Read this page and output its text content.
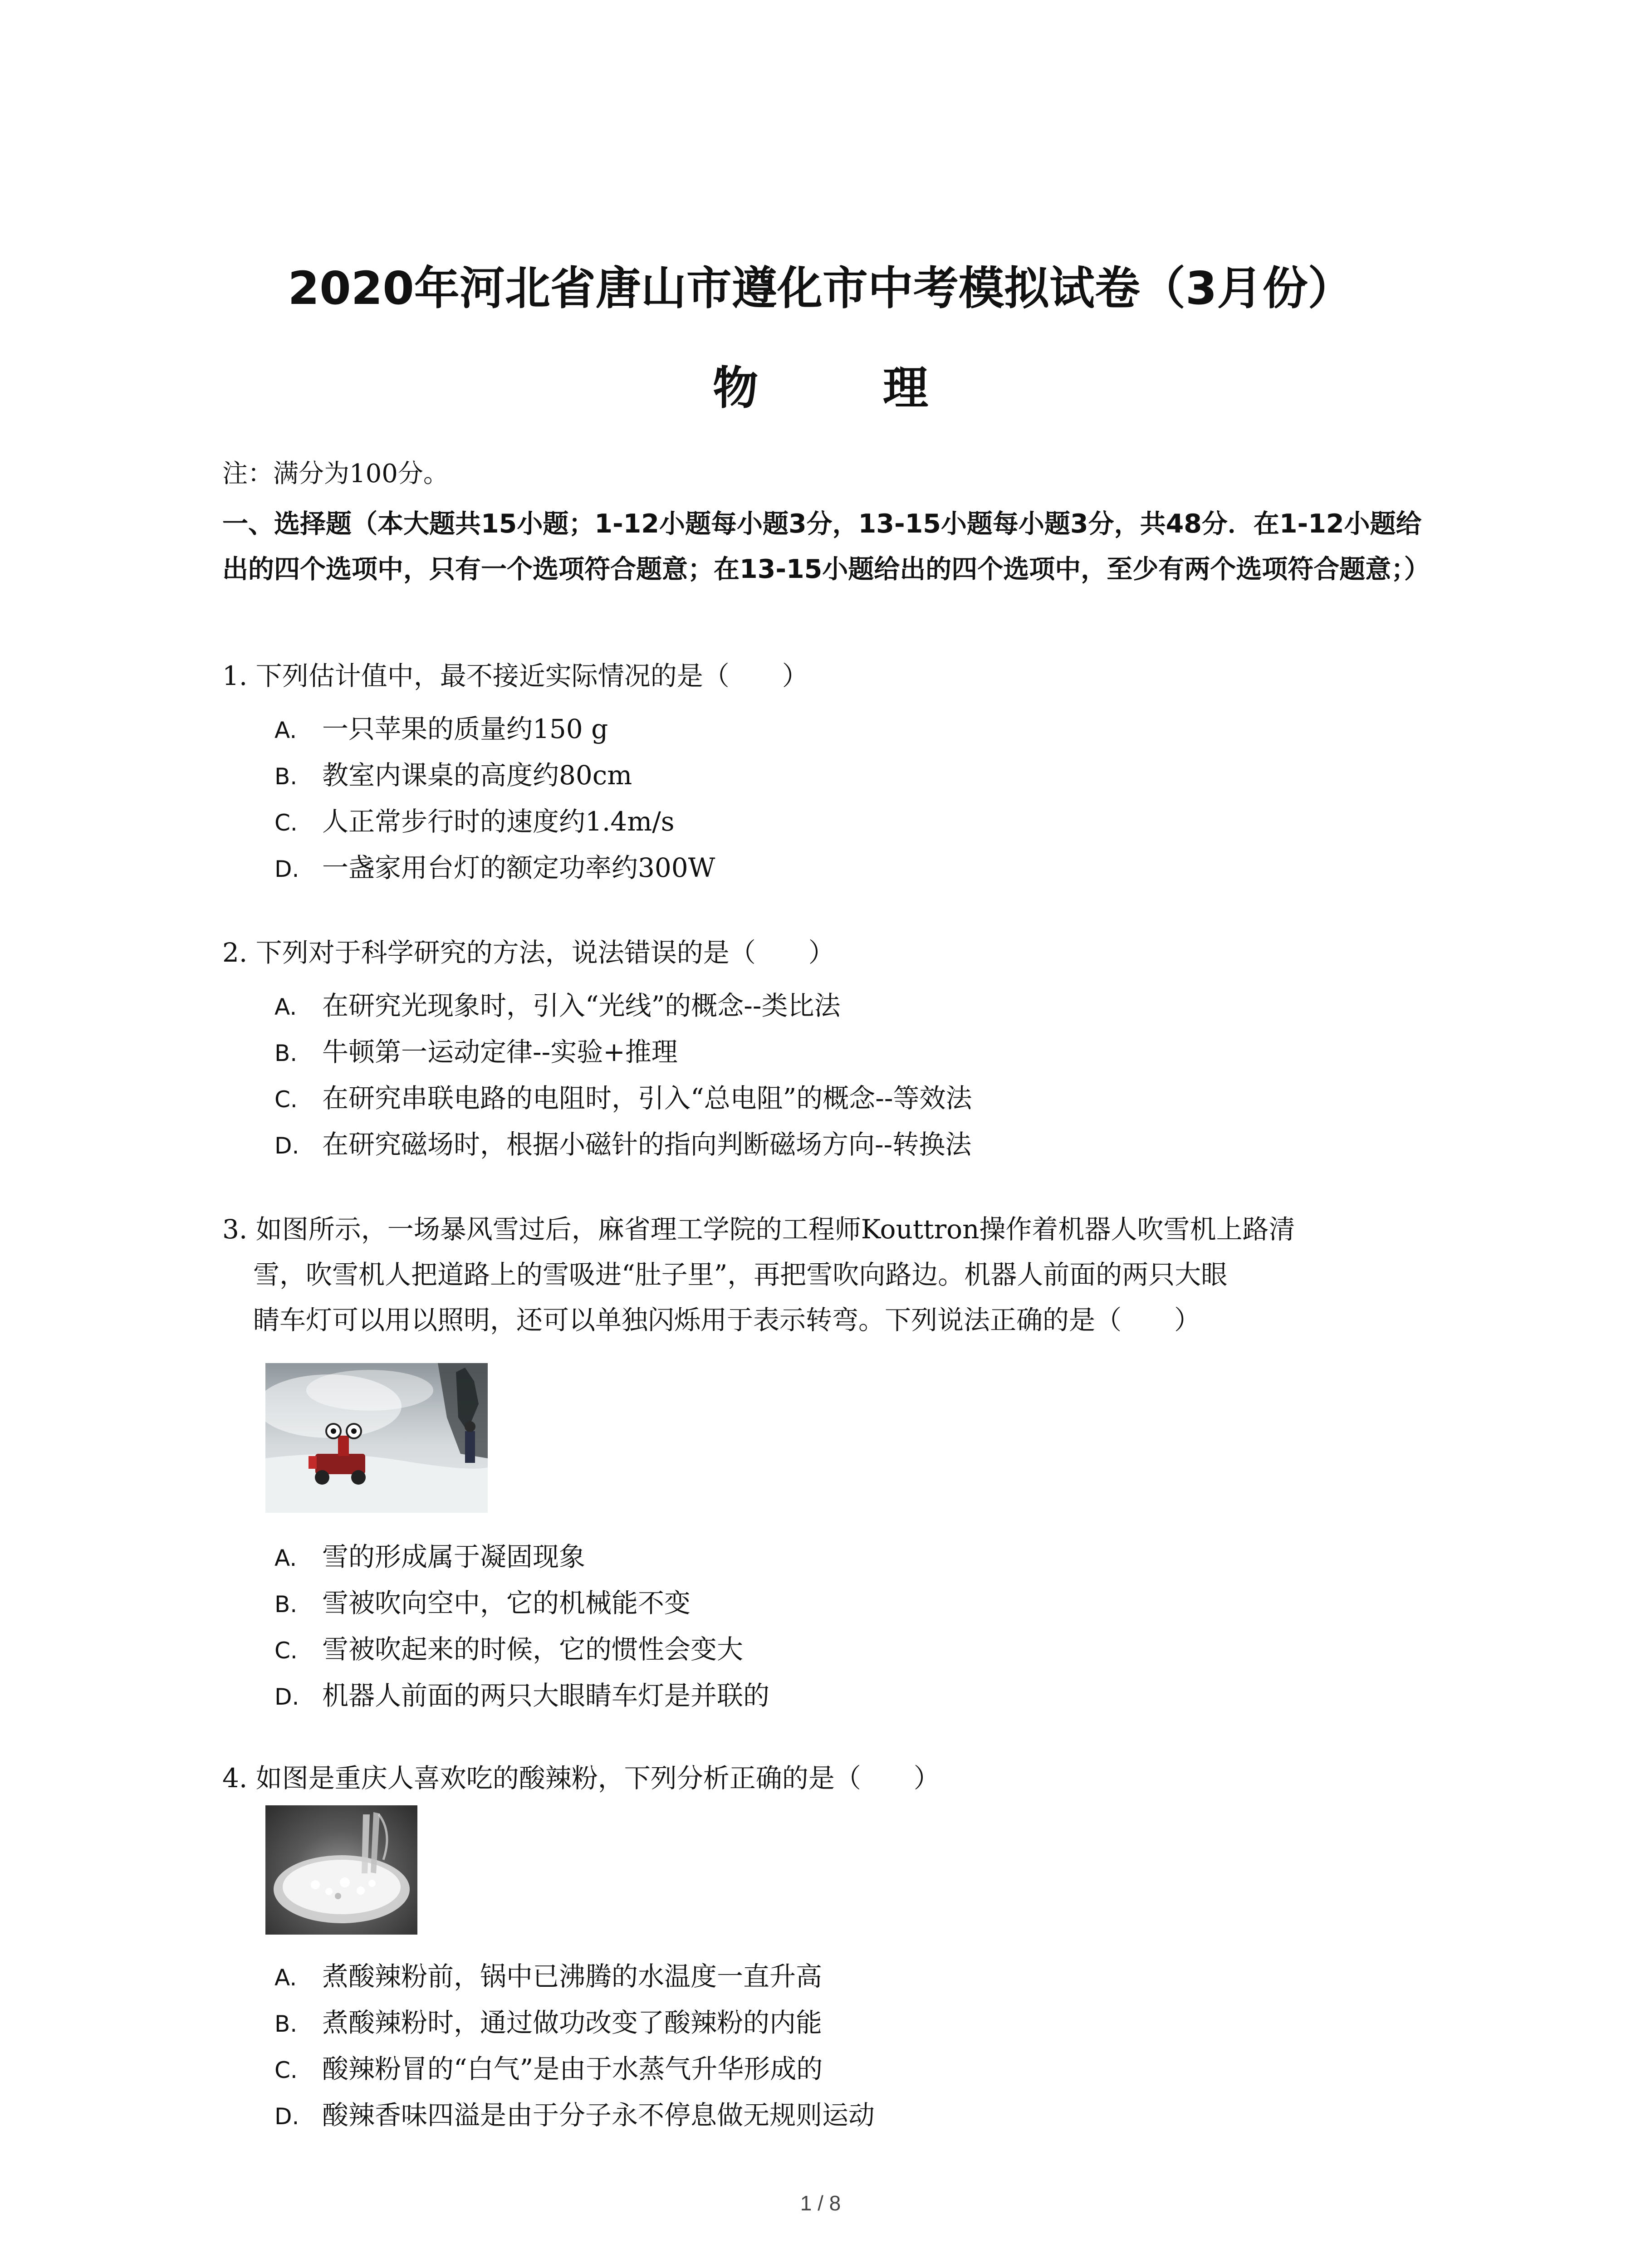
2020年河北省唐山市遵化市中考模拟试卷（3月份）
物 理
注：满分为100分。
一、选择题（本大题共15小题；1-12小题每小题3分，13-15小题每小题3分，共48分．在1-12小题给出的四个选项中，只有一个选项符合题意；在13-15小题给出的四个选项中，至少有两个选项符合题意；）
1. 下列估计值中，最不接近实际情况的是（　　）
A. 一只苹果的质量约150 g
B. 教室内课桌的高度约80cm
C. 人正常步行时的速度约1.4m/s
D. 一盏家用台灯的额定功率约300W
2. 下列对于科学研究的方法，说法错误的是（　　）
A. 在研究光现象时，引入“光线”的概念--类比法
B. 牛顿第一运动定律--实验+推理
C. 在研究串联电路的电阻时，引入“总电阻”的概念--等效法
D. 在研究磁场时，根据小磁针的指向判断磁场方向--转换法
3. 如图所示，一场暴风雪过后，麻省理工学院的工程师Kouttron操作着机器人吹雪机上路清
雪，吹雪机人把道路上的雪吸进“肚子里”，再把雪吹向路边。机器人前面的两只大眼
睛车灯可以用以照明，还可以单独闪烁用于表示转弯。下列说法正确的是（　　）
A. 雪的形成属于凝固现象
B. 雪被吹向空中，它的机械能不变
C. 雪被吹起来的时候，它的惯性会变大
D. 机器人前面的两只大眼睛车灯是并联的
4. 如图是重庆人喜欢吃的酸辣粉，下列分析正确的是（　　）
A. 煮酸辣粉前，锅中已沸腾的水温度一直升高
B. 煮酸辣粉时，通过做功改变了酸辣粉的内能
C. 酸辣粉冒的“白气”是由于水蒸气升华形成的
D. 酸辣香味四溢是由于分子永不停息做无规则运动
1 / 8
